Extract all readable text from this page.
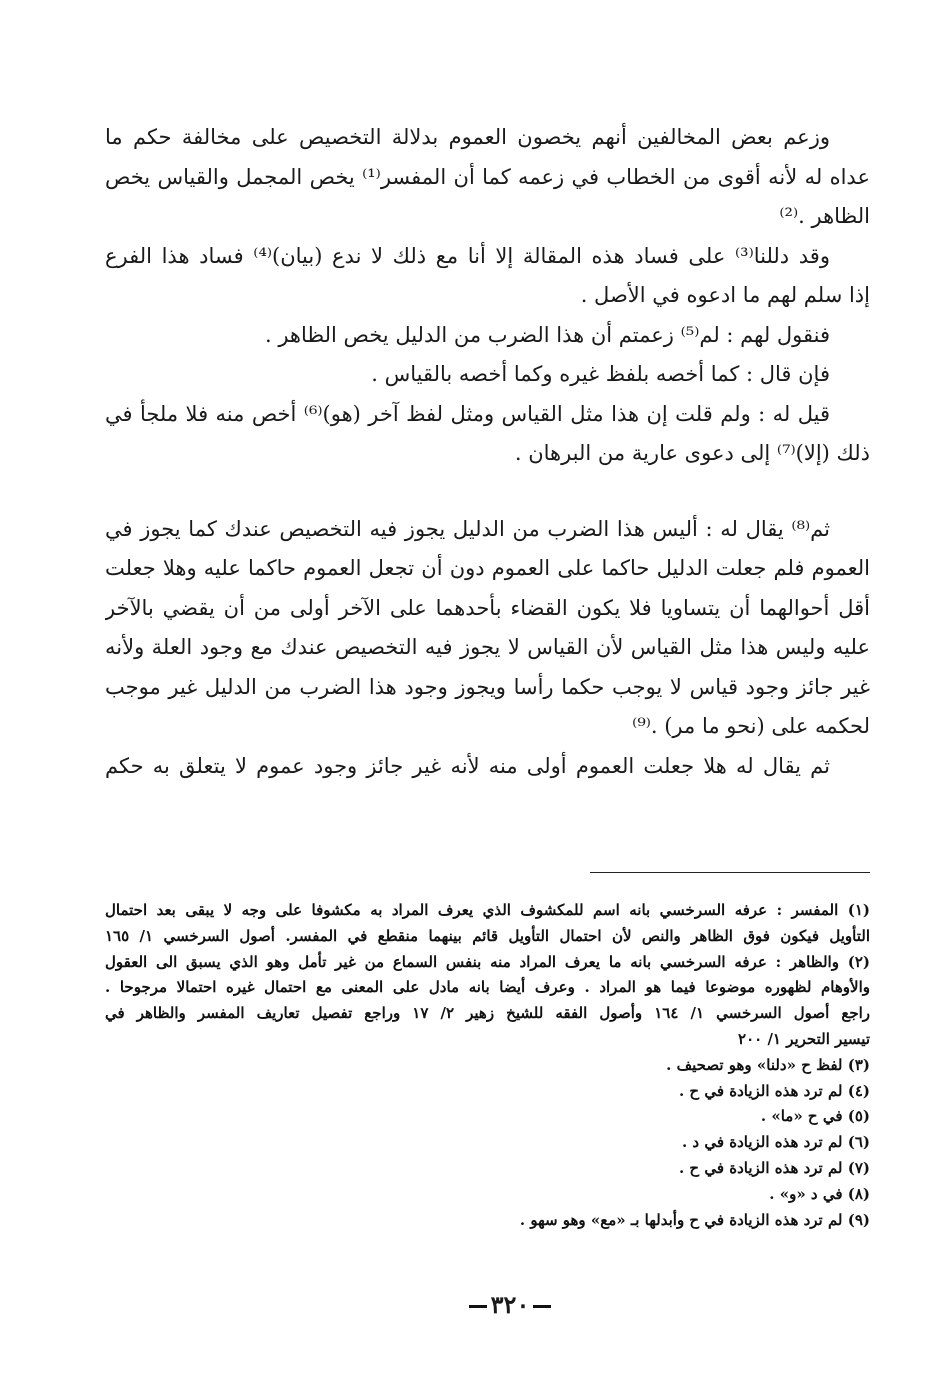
وزعم بعض المخالفين أنهم يخصون العموم بدلالة التخصيص على مخالفة حكم ما
عداه له لأنه أقوى من الخطاب في زعمه كما أن المفسر⁽¹⁾ يخص المجمل والقياس يخص
الظاهر .⁽²⁾
وقد دللنا⁽³⁾ على فساد هذه المقالة إلا أنا مع ذلك لا ندع (بيان)⁽⁴⁾ فساد هذا الفرع
إذا سلم لهم ما ادعوه في الأصل .
فنقول لهم : لم⁽⁵⁾ زعمتم أن هذا الضرب من الدليل يخص الظاهر .
فإن قال : كما أخصه بلفظ غيره وكما أخصه بالقياس .
قيل له : ولم قلت إن هذا مثل القياس ومثل لفظ آخر (هو)⁽⁶⁾ أخص منه فلا ملجأ في
ذلك (إلا)⁽⁷⁾ إلى دعوى عارية من البرهان .
ثم⁽⁸⁾ يقال له : أليس هذا الضرب من الدليل يجوز فيه التخصيص عندك كما يجوز في
العموم فلم جعلت الدليل حاكما على العموم دون أن تجعل العموم حاكما عليه وهلا جعلت
أقل أحوالهما أن يتساويا فلا يكون القضاء بأحدهما على الآخر أولى من أن يقضي بالآخر
عليه وليس هذا مثل القياس لأن القياس لا يجوز فيه التخصيص عندك مع وجود العلة ولأنه
غير جائز وجود قياس لا يوجب حكما رأسا ويجوز وجود هذا الضرب من الدليل غير موجب
لحكمه على (نحو ما مر) .⁽⁹⁾
ثم يقال له هلا جعلت العموم أولى منه لأنه غير جائز وجود عموم لا يتعلق به حكم
(١) المفسر : عرفه السرخسي بانه اسم للمكشوف الذي يعرف المراد به مكشوفا على وجه لا يبقى بعد احتمال
التأويل فيكون فوق الظاهر والنص لأن احتمال التأويل قائم بينهما منقطع في المفسر. أصول السرخسي ١/ ١٦٥
(٢) والظاهر : عرفه السرخسي بانه ما يعرف المراد منه بنفس السماع من غير تأمل وهو الذي يسبق الى العقول
والأوهام لظهوره موضوعا فيما هو المراد . وعرف أيضا بانه مادل على المعنى مع احتمال غيره احتمالا مرجوحا .
راجع أصول السرخسي ١/ ١٦٤ وأصول الفقه للشيخ زهير ٢/ ١٧ وراجع تفصيل تعاريف المفسر والظاهر في
تيسير التحرير ١/ ٢٠٠
(٣) لفظ ح «دلنا» وهو تصحيف .
(٤) لم ترد هذه الزيادة في ح .
(٥) في ح «ما» .
(٦) لم ترد هذه الزيادة في د .
(٧) لم ترد هذه الزيادة في ح .
(٨) في د «و» .
(٩) لم ترد هذه الزيادة في ح وأبدلها بـ «مع» وهو سهو .
٣٢٠
